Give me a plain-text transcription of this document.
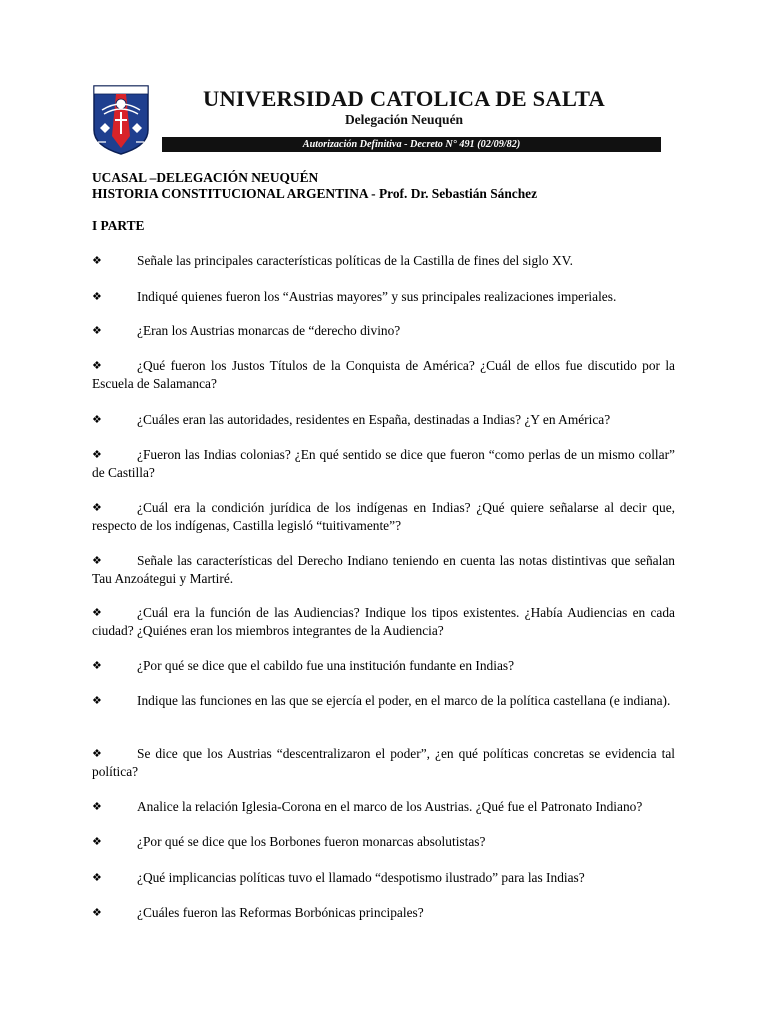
UNIVERSIDAD CATOLICA DE SALTA
Delegación Neuquén
Autorización Definitiva - Decreto N° 491 (02/09/82)
UCASAL –DELEGACIÓN NEUQUÉN
HISTORIA CONSTITUCIONAL ARGENTINA - Prof. Dr. Sebastián Sánchez
I PARTE
❖	Señale las principales características políticas de la Castilla de fines del siglo XV.
❖	Indiqué quienes fueron los “Austrias mayores” y sus principales realizaciones imperiales.
❖	¿Eran los Austrias monarcas de “derecho divino?
❖	¿Qué fueron los Justos Títulos de la Conquista de América? ¿Cuál de ellos fue discutido por la Escuela de Salamanca?
❖	¿Cuáles eran las autoridades, residentes en España, destinadas a Indias? ¿Y en América?
❖	¿Fueron las Indias colonias? ¿En qué sentido se dice que fueron “como perlas de un mismo collar” de Castilla?
❖	¿Cuál era la condición jurídica de los indígenas en Indias? ¿Qué quiere señalarse al decir que, respecto de los indígenas, Castilla legisló “tuitivamente”?
❖	Señale las características del Derecho Indiano teniendo en cuenta las notas distintivas que señalan Tau Anzoátegui y Martiré.
❖	¿Cuál era la función de las Audiencias? Indique los tipos existentes. ¿Había Audiencias en cada ciudad? ¿Quiénes eran los miembros integrantes de la Audiencia?
❖	¿Por qué se dice que el cabildo fue una institución fundante en Indias?
❖	Indique las funciones en las que se ejercía el poder, en el marco de la política castellana (e indiana).
❖	Se dice que los Austrias “descentralizaron el poder”, ¿en qué políticas concretas se evidencia tal política?
❖	Analice la relación Iglesia-Corona en el marco de los Austrias. ¿Qué fue el Patronato Indiano?
❖	¿Por qué se dice que los Borbones fueron monarcas absolutistas?
❖	¿Qué implicancias políticas tuvo el llamado “despotismo ilustrado” para las Indias?
❖	¿Cuáles fueron las Reformas Borbónicas principales?
